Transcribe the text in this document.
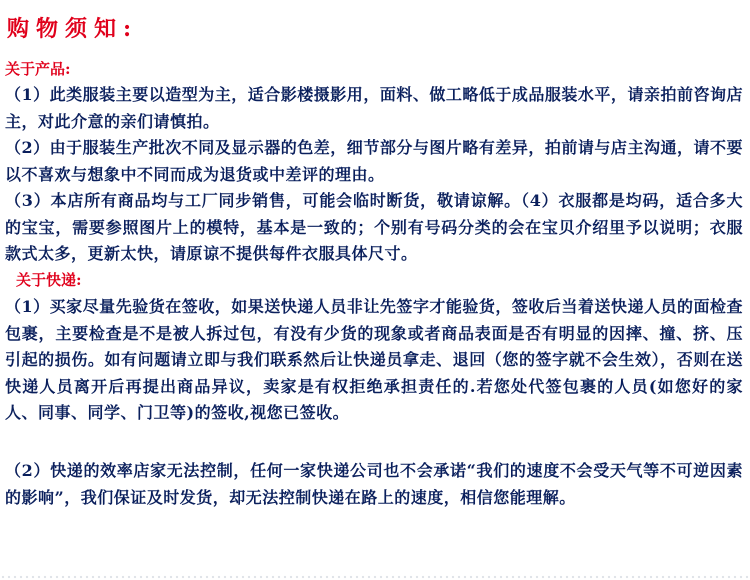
购物须知:
关于产品:

（1）此类服装主要以造型为主，适合影楼摄影用，面料、做工略低于成品服装水平，请亲拍前咨询店主，对此介意的亲们请慎拍。

（2）由于服装生产批次不同及显示器的色差，细节部分与图片略有差异，拍前请与店主沟通，请不要以不喜欢与想象中不同而成为退货或中差评的理由。

（3）本店所有商品均与工厂同步销售，可能会临时断货，敬请谅解。（4）衣服都是均码，适合多大的宝宝，需要参照图片上的模特，基本是一致的；个别有号码分类的会在宝贝介绍里予以说明；衣服款式太多，更新太快，请原谅不提供每件衣服具体尺寸。

关于快递:

（1）买家尽量先验货在签收，如果送快递人员非让先签字才能验货，签收后当着送快递人员的面检查包裹，主要检查是不是被人拆过包，有没有少货的现象或者商品表面是否有明显的因摔、撞、挤、压引起的损伤。如有问题请立即与我们联系然后让快递员拿走、退回（您的签字就不会生效），否则在送快递人员离开后再提出商品异议，卖家是有权拒绝承担责任的.若您处代签包裹的人员(如您好的家人、同事、同学、门卫等)的签收,视您已签收。

（2）快递的效率店家无法控制，任何一家快递公司也不会承诺“我们的速度不会受天气等不可逆因素的影响”，我们保证及时发货，却无法控制快递在路上的速度，相信您能理解。
